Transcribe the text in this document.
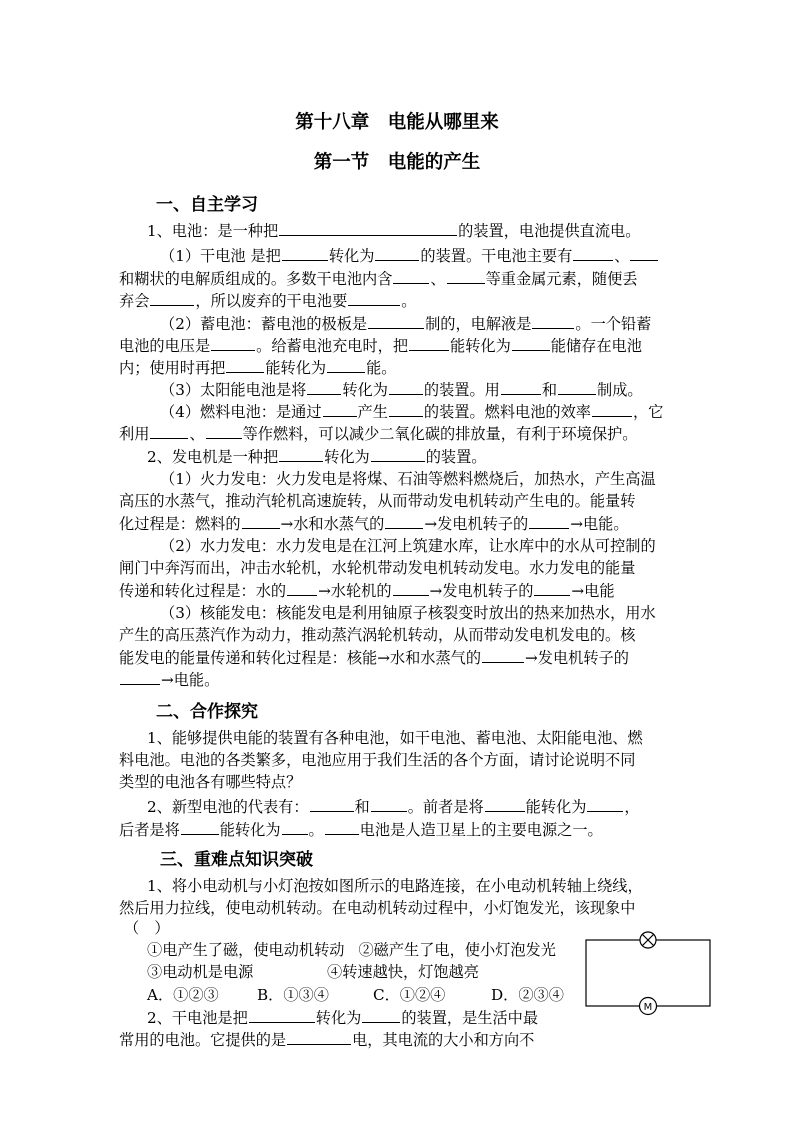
第十八章　电能从哪里来
第一节　电能的产生
一、自主学习
1、电池：是一种把	的装置，电池提供直流电。
（1）干电池 是把	转化为	的装置。干电池主要有	、
和糊状的电解质组成的。多数干电池内含	、	等重金属元素，随便丢
弃会	，所以废弃的干电池要	。
（2）蓄电池：蓄电池的极板是	制的，电解液是	。一个铅蓄
电池的电压是	。给蓄电池充电时，把	能转化为	能储存在电池
内；使用时再把	能转化为	能。
（3）太阳能电池是将 转化为 的装置。用	和	制成。
（4）燃料电池：是通过 产生 的装置。燃料电池的效率	，它
利用	、	等作燃料，可以减少二氧化碳的排放量，有利于环境保护。
2、发电机是一种把	转化为	的装置。
（1）火力发电：火力发电是将煤、石油等燃料燃烧后，加热水，产生高温
高压的水蒸气，推动汽轮机高速旋转，从而带动发电机转动产生电的。能量转
化过程是：燃料的	→水和水蒸气的	→发电机转子的	→电能。
（2）水力发电：水力发电是在江河上筑建水库，让水库中的水从可控制的
闸门中奔泻而出，冲击水轮机，水轮机带动发电机转动发电。水力发电的能量
传递和转化过程是：水的 →水轮机的	→发电机转子的	→电能
（3）核能发电：核能发电是利用铀原子核裂变时放出的热来加热水，用水
产生的高压蒸汽作为动力，推动蒸汽涡轮机转动，从而带动发电机发电的。核
能发电的能量传递和转化过程是：核能→水和水蒸气的	→发电机转子的
→电能。
二、合作探究
1、能够提供电能的装置有各种电池，如干电池、蓄电池、太阳能电池、燃
料电池。电池的各类繁多，电池应用于我们生活的各个方面，请讨论说明不同
类型的电池各有哪些特点？
2、新型电池的代表有：	和	。前者是将	能转化为	，
后者是将	能转化为 。 电池是人造卫星上的主要电源之一。
三、重难点知识突破
1、将小电动机与小灯泡按如图所示的电路连接，在小电动机转轴上绕线，
然后用力拉线，使电动机转动。在电动机转动过程中，小灯饱发光，该现象中
（　）
①电产生了磁，使电动机转动 ②磁产生了电，使小灯泡发光
③电动机是电源	④转速越快，灯饱越亮
A．①②③	B．①③④	C．①②④	D．②③④
2、干电池是把	转化为	的装置，是生活中最
常用的电池。它提供的是	电，其电流的大小和方向不
M
